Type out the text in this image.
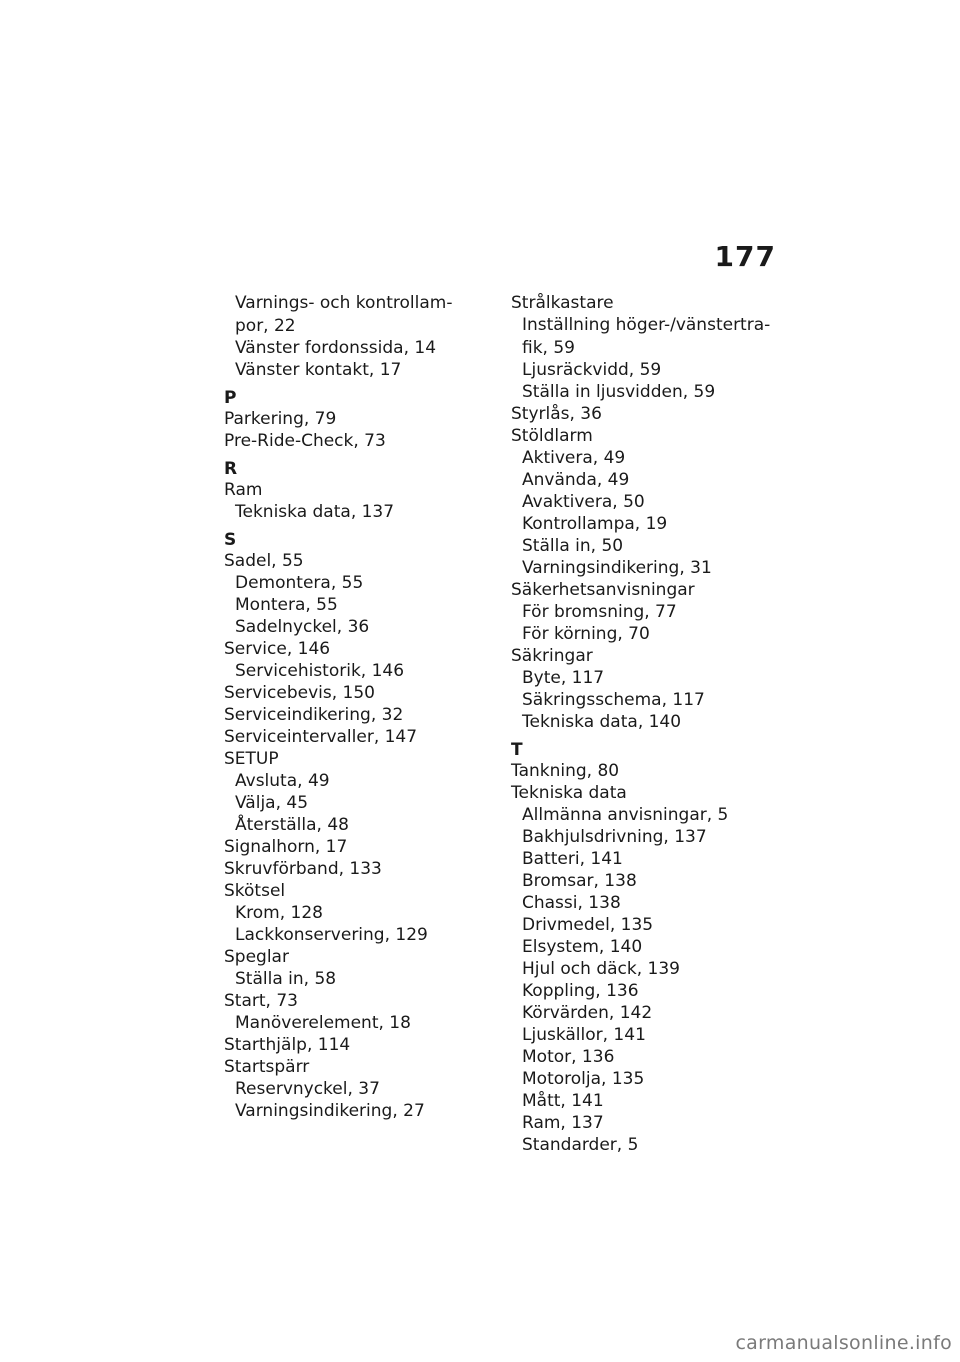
177
Varnings- och kontrollam-
por, 22
Vänster fordonssida, 14
Vänster kontakt, 17
P
Parkering, 79
Pre-Ride-Check, 73
R
Ram
Tekniska data, 137
S
Sadel, 55
Demontera, 55
Montera, 55
Sadelnyckel, 36
Service, 146
Servicehistorik, 146
Servicebevis, 150
Serviceindikering, 32
Serviceintervaller, 147
SETUP
Avsluta, 49
Välja, 45
Återställa, 48
Signalhorn, 17
Skruvförband, 133
Skötsel
Krom, 128
Lackkonservering, 129
Speglar
Ställa in, 58
Start, 73
Manöverelement, 18
Starthjälp, 114
Startspärr
Reservnyckel, 37
Varningsindikering, 27
Strålkastare
Inställning höger-/vänstertra-
fik, 59
Ljusräckvidd, 59
Ställa in ljusvidden, 59
Styrlås, 36
Stöldlarm
Aktivera, 49
Använda, 49
Avaktivera, 50
Kontrollampa, 19
Ställa in, 50
Varningsindikering, 31
Säkerhetsanvisningar
För bromsning, 77
För körning, 70
Säkringar
Byte, 117
Säkringsschema, 117
Tekniska data, 140
T
Tankning, 80
Tekniska data
Allmänna anvisningar, 5
Bakhjulsdrivning, 137
Batteri, 141
Bromsar, 138
Chassi, 138
Drivmedel, 135
Elsystem, 140
Hjul och däck, 139
Koppling, 136
Körvärden, 142
Ljuskällor, 141
Motor, 136
Motorolja, 135
Mått, 141
Ram, 137
Standarder, 5
carmanualsonline.info
